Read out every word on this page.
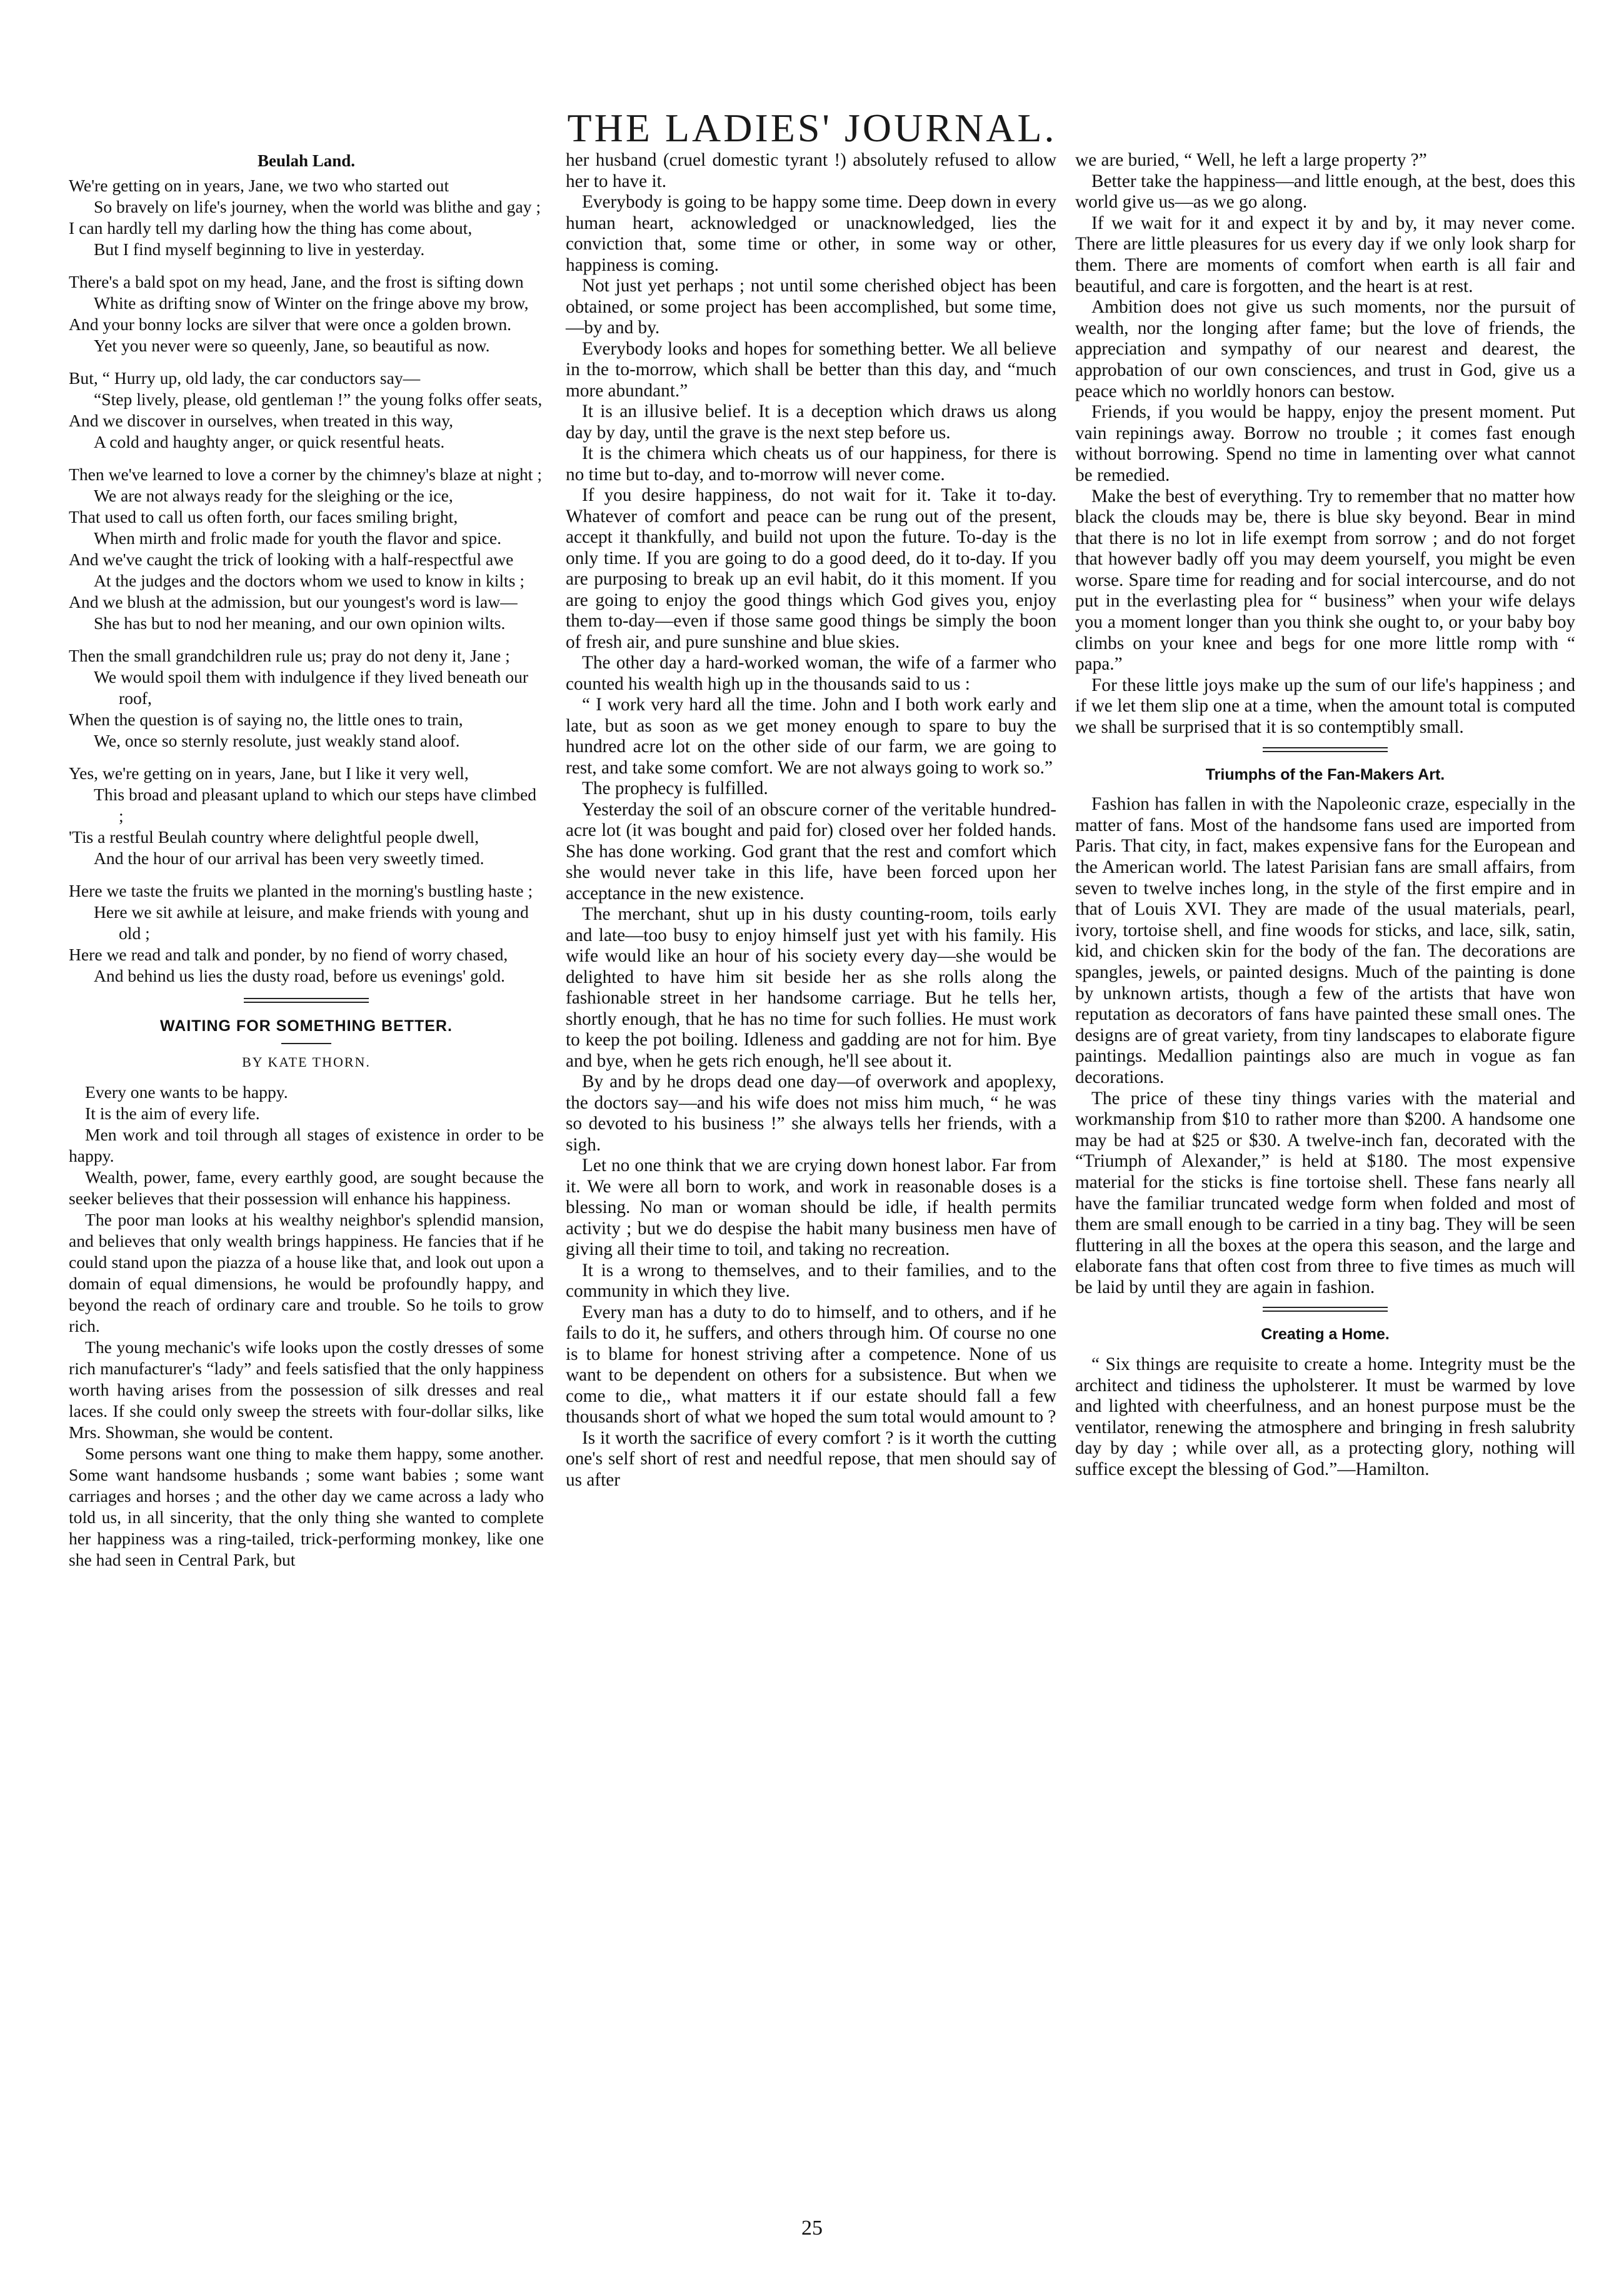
THE LADIES' JOURNAL.
Beulah Land.
We're getting on in years, Jane, we two who started out
So bravely on life's journey, when the world was blithe and gay ;
I can hardly tell my darling how the thing has come about,
But I find myself beginning to live in yesterday.
There's a bald spot on my head, Jane, and the frost is sifting down
White as drifting snow of Winter on the fringe above my brow,
And your bonny locks are silver that were once a golden brown.
Yet you never were so queenly, Jane, so beautiful as now.
But, “ Hurry up, old lady, the car conductors say—
“Step lively, please, old gentleman !” the young folks offer seats,
And we discover in ourselves, when treated in this way,
A cold and haughty anger, or quick resentful heats.
Then we've learned to love a corner by the chimney's blaze at night ;
We are not always ready for the sleighing or the ice,
That used to call us often forth, our faces smiling bright,
When mirth and frolic made for youth the flavor and spice.
And we've caught the trick of looking with a half-respectful awe
At the judges and the doctors whom we used to know in kilts ;
And we blush at the admission, but our youngest's word is law—
She has but to nod her meaning, and our own opinion wilts.
Then the small grandchildren rule us; pray do not deny it, Jane ;
We would spoil them with indulgence if they lived beneath our roof,
When the question is of saying no, the little ones to train,
We, once so sternly resolute, just weakly stand aloof.
Yes, we're getting on in years, Jane, but I like it very well,
This broad and pleasant upland to which our steps have climbed ;
'Tis a restful Beulah country where delightful people dwell,
And the hour of our arrival has been very sweetly timed.
Here we taste the fruits we planted in the morning's bustling haste ;
Here we sit awhile at leisure, and make friends with young and old ;
Here we read and talk and ponder, by no fiend of worry chased,
And behind us lies the dusty road, before us evenings' gold.
WAITING FOR SOMETHING BETTER.
BY KATE THORN.

Every one wants to be happy.

It is the aim of every life.

Men work and toil through all stages of existence in order to be happy.

Wealth, power, fame, every earthly good, are sought because the seeker believes that their possession will enhance his happiness.

The poor man looks at his wealthy neighbor's splendid mansion, and believes that only wealth brings happiness. He fancies that if he could stand upon the piazza of a house like that, and look out upon a domain of equal dimensions, he would be profoundly happy, and beyond the reach of ordinary care and trouble. So he toils to grow rich.

The young mechanic's wife looks upon the costly dresses of some rich manufacturer's “lady” and feels satisfied that the only happiness worth having arises from the possession of silk dresses and real laces. If she could only sweep the streets with four-dollar silks, like Mrs. Showman, she would be content.

Some persons want one thing to make them happy, some another. Some want handsome husbands ; some want babies ; some want carriages and horses ; and the other day we came across a lady who told us, in all sincerity, that the only thing she wanted to complete her happiness was a ring-tailed, trick-performing monkey, like one she had seen in Central Park, but

her husband (cruel domestic tyrant !) absolutely refused to allow her to have it.

Everybody is going to be happy some time. Deep down in every human heart, acknowledged or unacknowledged, lies the conviction that, some time or other, in some way or other, happiness is coming.

Not just yet perhaps ; not until some cherished object has been obtained, or some project has been accomplished, but some time,—by and by.

Everybody looks and hopes for something better. We all believe in the to-morrow, which shall be better than this day, and “much more abundant.”

It is an illusive belief. It is a deception which draws us along day by day, until the grave is the next step before us.

It is the chimera which cheats us of our happiness, for there is no time but to-day, and to-morrow will never come.

If you desire happiness, do not wait for it. Take it to-day. Whatever of comfort and peace can be rung out of the present, accept it thankfully, and build not upon the future. To-day is the only time. If you are going to do a good deed, do it to-day. If you are purposing to break up an evil habit, do it this moment. If you are going to enjoy the good things which God gives you, enjoy them to-day—even if those same good things be simply the boon of fresh air, and pure sunshine and blue skies.

The other day a hard-worked woman, the wife of a farmer who counted his wealth high up in the thousands said to us :

“ I work very hard all the time. John and I both work early and late, but as soon as we get money enough to spare to buy the hundred acre lot on the other side of our farm, we are going to rest, and take some comfort. We are not always going to work so.”

The prophecy is fulfilled.

Yesterday the soil of an obscure corner of the veritable hundred-acre lot (it was bought and paid for) closed over her folded hands. She has done working. God grant that the rest and comfort which she would never take in this life, have been forced upon her acceptance in the new existence.

The merchant, shut up in his dusty counting-room, toils early and late—too busy to enjoy himself just yet with his family. His wife would like an hour of his society every day—she would be delighted to have him sit beside her as she rolls along the fashionable street in her handsome carriage. But he tells her, shortly enough, that he has no time for such follies. He must work to keep the pot boiling. Idleness and gadding are not for him. Bye and bye, when he gets rich enough, he'll see about it.

By and by he drops dead one day—of overwork and apoplexy, the doctors say—and his wife does not miss him much, “ he was so devoted to his business !” she always tells her friends, with a sigh.

Let no one think that we are crying down honest labor. Far from it. We were all born to work, and work in reasonable doses is a blessing. No man or woman should be idle, if health permits activity ; but we do despise the habit many business men have of giving all their time to toil, and taking no recreation.

It is a wrong to themselves, and to their families, and to the community in which they live.

Every man has a duty to do to himself, and to others, and if he fails to do it, he suffers, and others through him. Of course no one is to blame for honest striving after a competence. None of us want to be dependent on others for a subsistence. But when we come to die,, what matters it if our estate should fall a few thousands short of what we hoped the sum total would amount to ?

Is it worth the sacrifice of every comfort ? is it worth the cutting one's self short of rest and needful repose, that men should say of us after

we are buried, “ Well, he left a large property ?”

Better take the happiness—and little enough, at the best, does this world give us—as we go along.

If we wait for it and expect it by and by, it may never come. There are little pleasures for us every day if we only look sharp for them. There are moments of comfort when earth is all fair and beautiful, and care is forgotten, and the heart is at rest.

Ambition does not give us such moments, nor the pursuit of wealth, nor the longing after fame; but the love of friends, the appreciation and sympathy of our nearest and dearest, the approbation of our own consciences, and trust in God, give us a peace which no worldly honors can bestow.

Friends, if you would be happy, enjoy the present moment. Put vain repinings away. Borrow no trouble ; it comes fast enough without borrowing. Spend no time in lamenting over what cannot be remedied.

Make the best of everything. Try to remember that no matter how black the clouds may be, there is blue sky beyond. Bear in mind that there is no lot in life exempt from sorrow ; and do not forget that however badly off you may deem yourself, you might be even worse. Spare time for reading and for social intercourse, and do not put in the everlasting plea for “ business” when your wife delays you a moment longer than you think she ought to, or your baby boy climbs on your knee and begs for one more little romp with “ papa.”

For these little joys make up the sum of our life's happiness ; and if we let them slip one at a time, when the amount total is computed we shall be surprised that it is so contemptibly small.

Triumphs of the Fan-Makers Art.

Fashion has fallen in with the Napoleonic craze, especially in the matter of fans. Most of the handsome fans used are imported from Paris. That city, in fact, makes expensive fans for the European and the American world. The latest Parisian fans are small affairs, from seven to twelve inches long, in the style of the first empire and in that of Louis XVI. They are made of the usual materials, pearl, ivory, tortoise shell, and fine woods for sticks, and lace, silk, satin, kid, and chicken skin for the body of the fan. The decorations are spangles, jewels, or painted designs. Much of the painting is done by unknown artists, though a few of the artists that have won reputation as decorators of fans have painted these small ones. The designs are of great variety, from tiny landscapes to elaborate figure paintings. Medallion paintings also are much in vogue as fan decorations.

The price of these tiny things varies with the material and workmanship from $10 to rather more than $200. A handsome one may be had at $25 or $30. A twelve-inch fan, decorated with the “Triumph of Alexander,” is held at $180. The most expensive material for the sticks is fine tortoise shell. These fans nearly all have the familiar truncated wedge form when folded and most of them are small enough to be carried in a tiny bag. They will be seen fluttering in all the boxes at the opera this season, and the large and elaborate fans that often cost from three to five times as much will be laid by until they are again in fashion.

Creating a Home.

“ Six things are requisite to create a home. Integrity must be the architect and tidiness the upholsterer. It must be warmed by love and lighted with cheerfulness, and an honest purpose must be the ventilator, renewing the atmosphere and bringing in fresh salubrity day by day ; while over all, as a protecting glory, nothing will suffice except the blessing of God.”—Hamilton.

25
